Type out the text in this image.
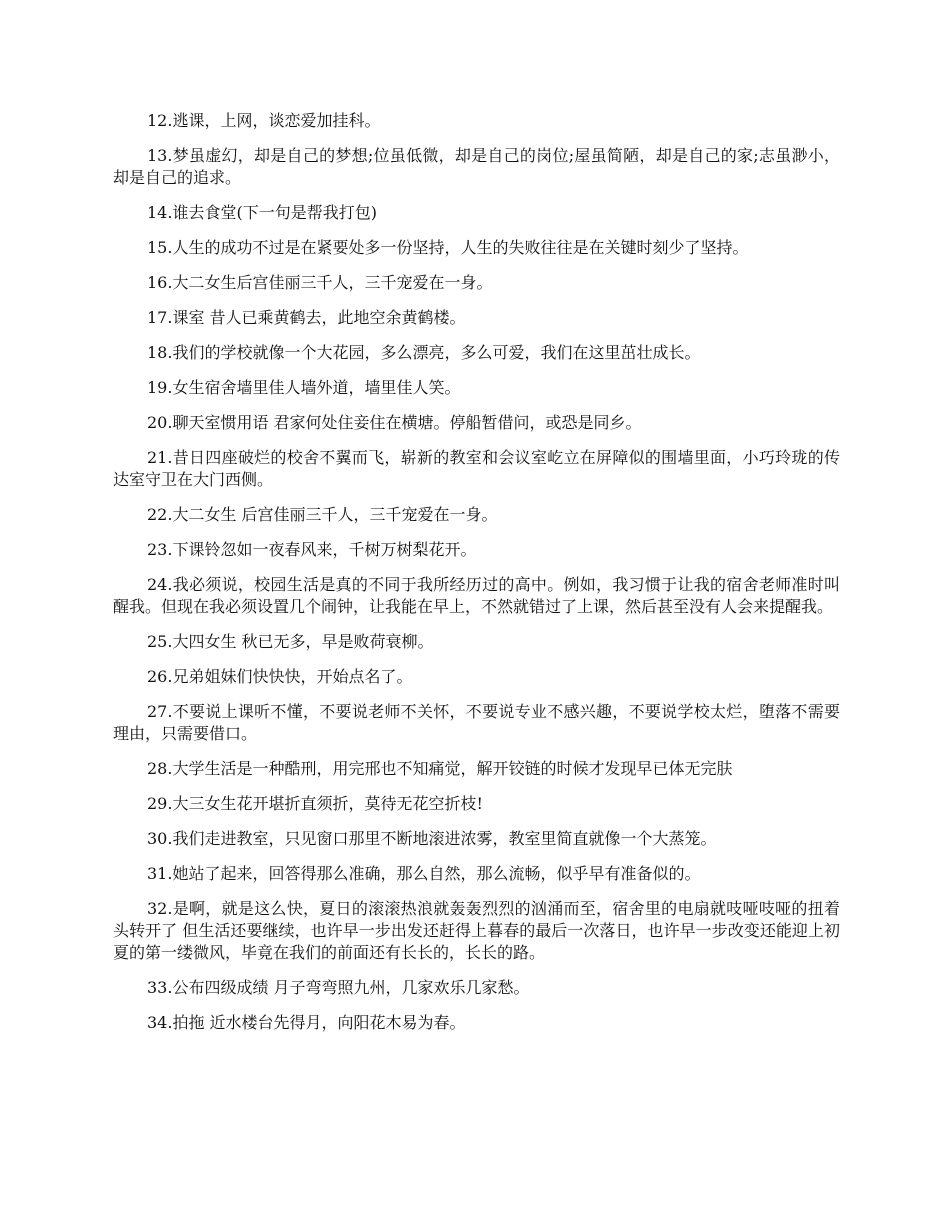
12.逃课，上网，谈恋爱加挂科。

13.梦虽虚幻，却是自己的梦想;位虽低微，却是自己的岗位;屋虽简陋，却是自己的家;志虽渺小，却是自己的追求。

14.谁去食堂(下一句是帮我打包)

15.人生的成功不过是在紧要处多一份坚持，人生的失败往往是在关键时刻少了坚持。

16.大二女生后宫佳丽三千人，三千宠爱在一身。

17.课室 昔人已乘黄鹤去，此地空余黄鹤楼。

18.我们的学校就像一个大花园，多么漂亮，多么可爱，我们在这里茁壮成长。

19.女生宿舍墙里佳人墙外道，墙里佳人笑。

20.聊天室惯用语 君家何处住妾住在横塘。停船暂借问，或恐是同乡。

21.昔日四座破烂的校舍不翼而飞，崭新的教室和会议室屹立在屏障似的围墙里面，小巧玲珑的传达室守卫在大门西侧。

22.大二女生 后宫佳丽三千人，三千宠爱在一身。

23.下课铃忽如一夜春风来，千树万树梨花开。

24.我必须说，校园生活是真的不同于我所经历过的高中。例如，我习惯于让我的宿舍老师准时叫醒我。但现在我必须设置几个闹钟，让我能在早上，不然就错过了上课，然后甚至没有人会来提醒我。

25.大四女生 秋已无多，早是败荷衰柳。

26.兄弟姐妹们快快快，开始点名了。

27.不要说上课听不懂，不要说老师不关怀，不要说专业不感兴趣，不要说学校太烂，堕落不需要理由，只需要借口。

28.大学生活是一种酷刑，用完邢也不知痛觉，解开铰链的时候才发现早已体无完肤

29.大三女生花开堪折直须折，莫待无花空折枝!

30.我们走进教室，只见窗口那里不断地滚进浓雾，教室里简直就像一个大蒸笼。

31.她站了起来，回答得那么准确，那么自然，那么流畅，似乎早有准备似的。

32.是啊，就是这么快，夏日的滚滚热浪就轰轰烈烈的汹涌而至，宿舍里的电扇就吱哑吱哑的扭着头转开了 但生活还要继续，也许早一步出发还赶得上暮春的最后一次落日，也许早一步改变还能迎上初夏的第一缕微风，毕竟在我们的前面还有长长的，长长的路。

33.公布四级成绩 月子弯弯照九州，几家欢乐几家愁。

34.拍拖 近水楼台先得月，向阳花木易为春。
